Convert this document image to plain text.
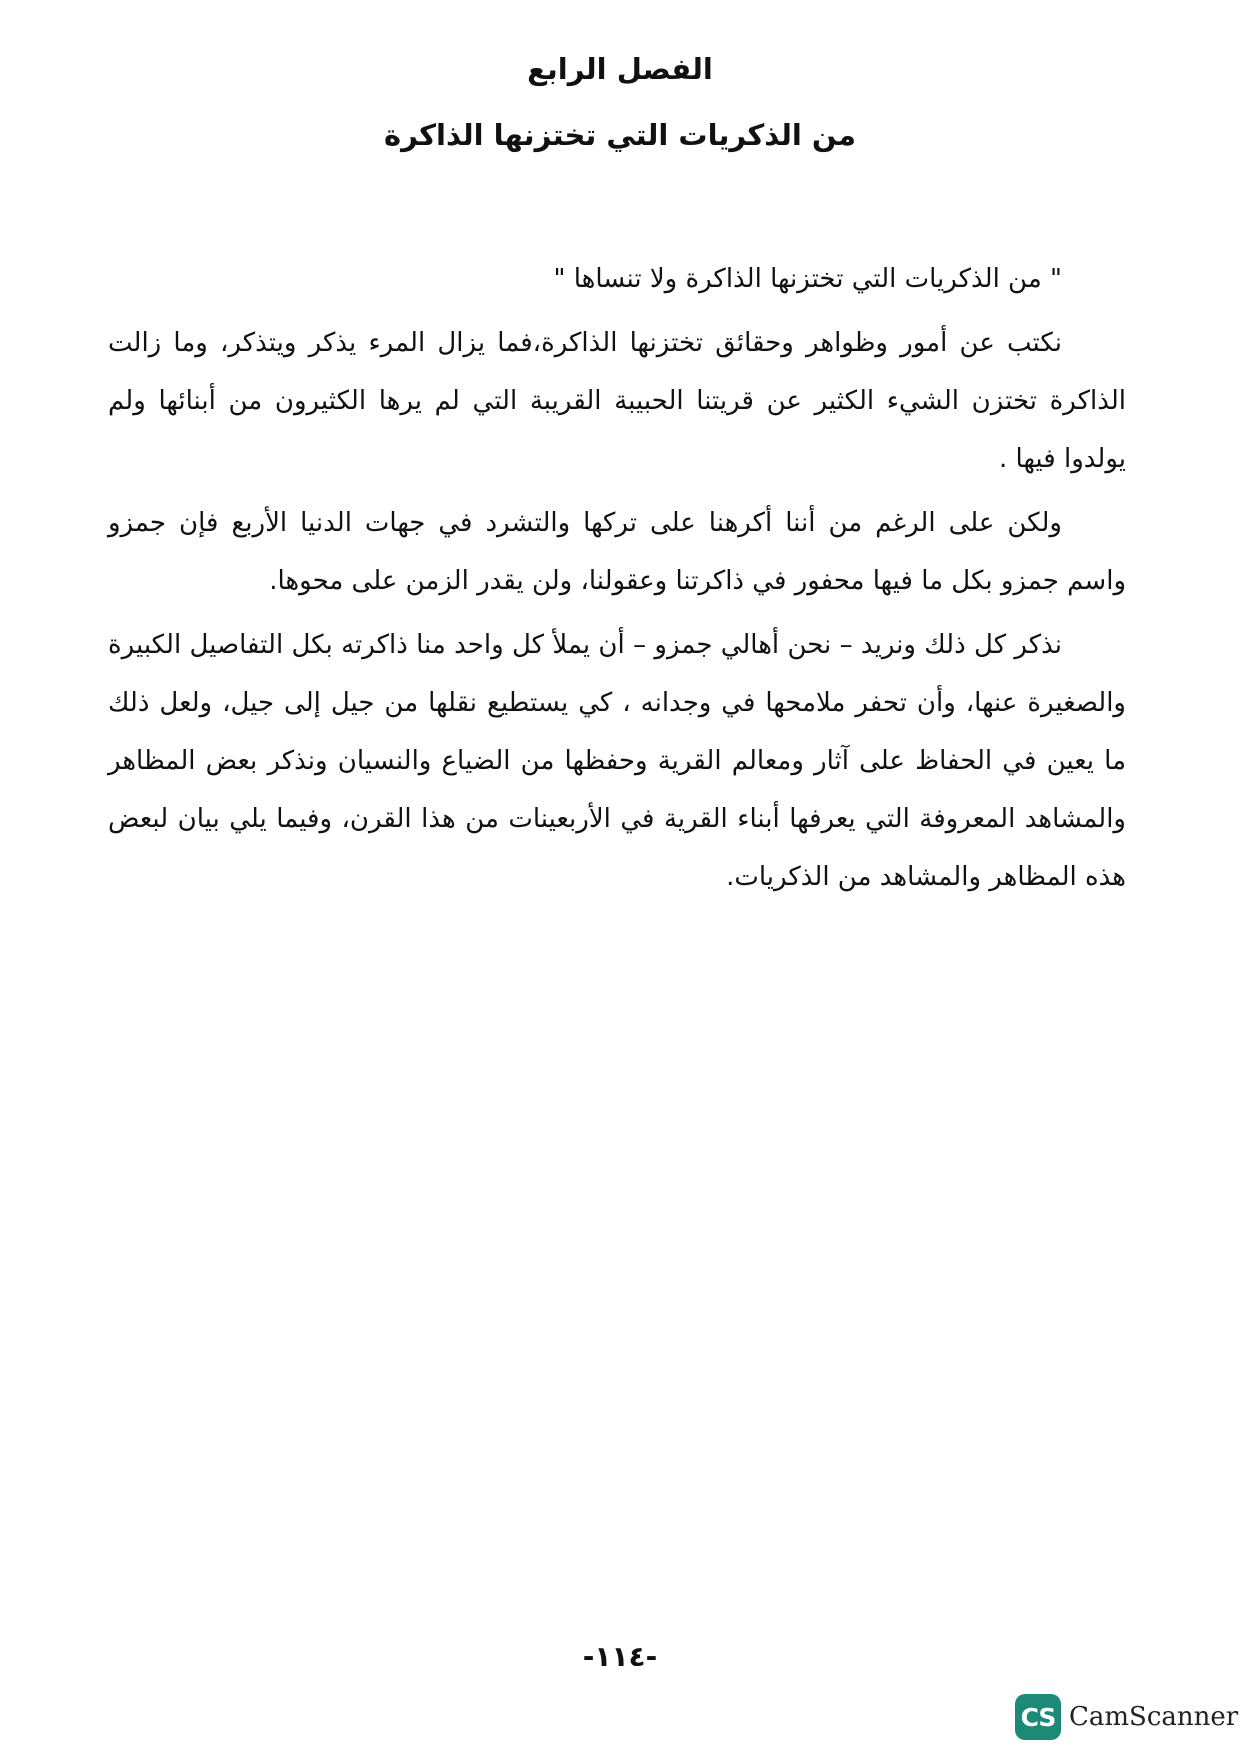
الفصل الرابع
من الذكريات التي تختزنها الذاكرة

" من الذكريات التي تختزنها الذاكرة ولا تنساها "

نكتب عن أمور وظواهر وحقائق تختزنها الذاكرة،فما يزال المرء يذكر ويتذكر، وما زالت الذاكرة تختزن الشيء الكثير عن قريتنا الحبيبة القريبة التي لم يرها الكثيرون من أبنائها ولم يولدوا فيها .

ولكن على الرغم من أننا أكرهنا على تركها والتشرد في جهات الدنيا الأربع فإن جمزو واسم جمزو بكل ما فيها محفور في ذاكرتنا وعقولنا، ولن يقدر الزمن على محوها.

نذكر كل ذلك ونريد – نحن أهالي جمزو – أن يملأ كل واحد منا ذاكرته بكل التفاصيل الكبيرة والصغيرة عنها، وأن تحفر ملامحها في وجدانه ، كي يستطيع نقلها من جيل إلى جيل، ولعل ذلك ما يعين في الحفاظ على آثار ومعالم القرية وحفظها من الضياع والنسيان ونذكر بعض المظاهر والمشاهد المعروفة التي يعرفها أبناء القرية في الأربعينات من هذا القرن، وفيما يلي بيان لبعض هذه المظاهر والمشاهد من الذكريات.

-١١٤-
CS CamScanner
